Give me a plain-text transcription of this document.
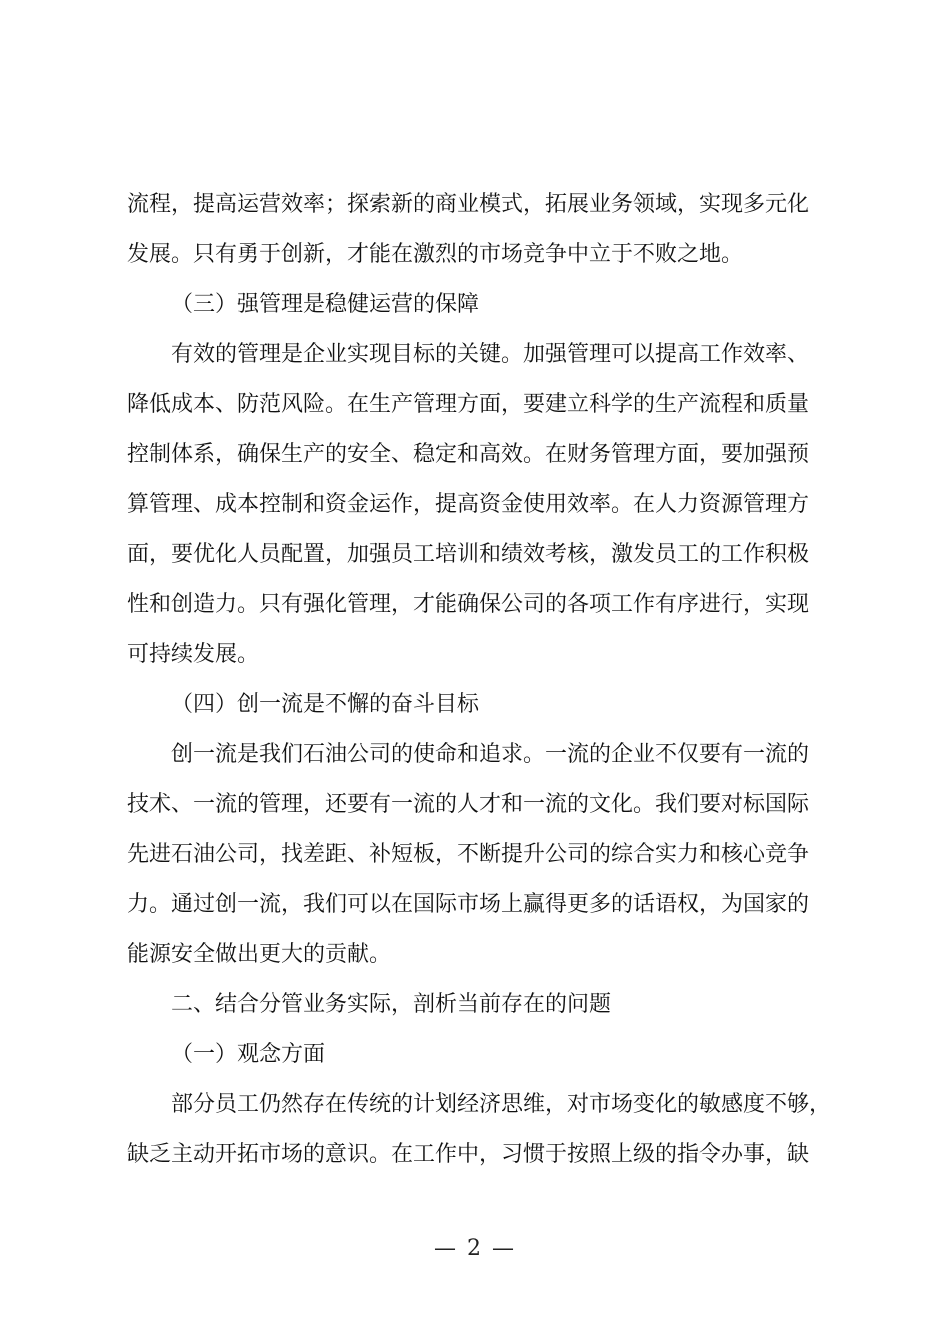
流程，提高运营效率；探索新的商业模式，拓展业务领域，实现多元化
发展。只有勇于创新，才能在激烈的市场竞争中立于不败之地。
（三）强管理是稳健运营的保障
有效的管理是企业实现目标的关键。加强管理可以提高工作效率、
降低成本、防范风险。在生产管理方面，要建立科学的生产流程和质量
控制体系，确保生产的安全、稳定和高效。在财务管理方面，要加强预
算管理、成本控制和资金运作，提高资金使用效率。在人力资源管理方
面，要优化人员配置，加强员工培训和绩效考核，激发员工的工作积极
性和创造力。只有强化管理，才能确保公司的各项工作有序进行，实现
可持续发展。
（四）创一流是不懈的奋斗目标
创一流是我们石油公司的使命和追求。一流的企业不仅要有一流的
技术、一流的管理，还要有一流的人才和一流的文化。我们要对标国际
先进石油公司，找差距、补短板，不断提升公司的综合实力和核心竞争
力。通过创一流，我们可以在国际市场上赢得更多的话语权，为国家的
能源安全做出更大的贡献。
二、结合分管业务实际，剖析当前存在的问题
（一）观念方面
部分员工仍然存在传统的计划经济思维，对市场变化的敏感度不够，
缺乏主动开拓市场的意识。在工作中，习惯于按照上级的指令办事，缺
— 2 —
